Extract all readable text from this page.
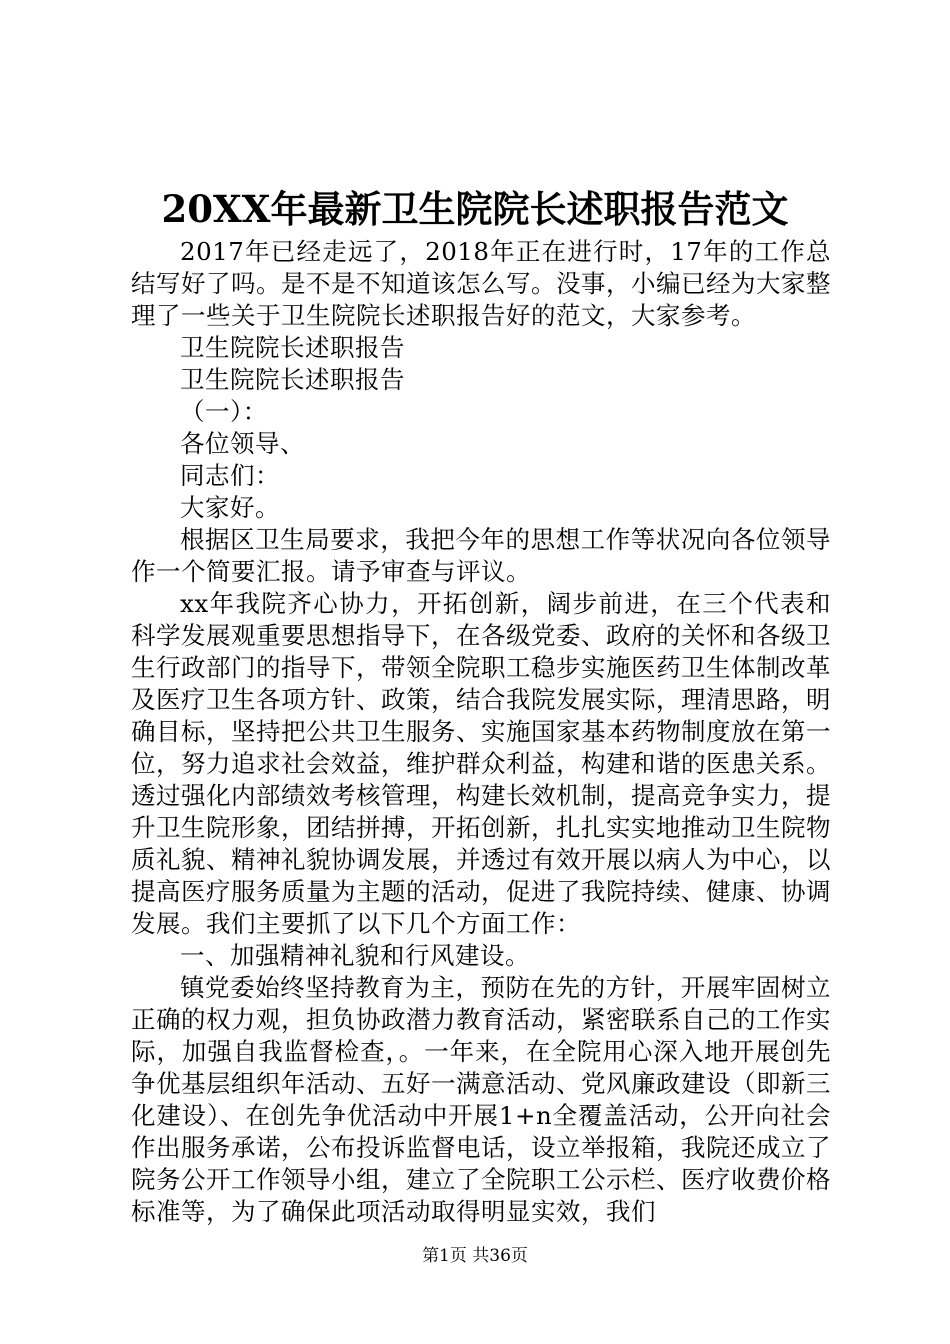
20XX年最新卫生院院长述职报告范文

2017年已经走远了，2018年正在进行时，17年的工作总结写好了吗。是不是不知道该怎么写。没事，小编已经为大家整理了一些关于卫生院院长述职报告好的范文，大家参考。

卫生院院长述职报告

卫生院院长述职报告

（一）：

各位领导、

同志们：

大家好。

根据区卫生局要求，我把今年的思想工作等状况向各位领导作一个简要汇报。请予审查与评议。

xx年我院齐心协力，开拓创新，阔步前进，在三个代表和科学发展观重要思想指导下，在各级党委、政府的关怀和各级卫生行政部门的指导下，带领全院职工稳步实施医药卫生体制改革及医疗卫生各项方针、政策，结合我院发展实际，理清思路，明确目标，坚持把公共卫生服务、实施国家基本药物制度放在第一位，努力追求社会效益，维护群众利益，构建和谐的医患关系。透过强化内部绩效考核管理，构建长效机制，提高竞争实力，提升卫生院形象，团结拼搏，开拓创新，扎扎实实地推动卫生院物质礼貌、精神礼貌协调发展，并透过有效开展以病人为中心，以提高医疗服务质量为主题的活动，促进了我院持续、健康、协调发展。我们主要抓了以下几个方面工作：

一、加强精神礼貌和行风建设。

镇党委始终坚持教育为主，预防在先的方针，开展牢固树立正确的权力观，担负协政潜力教育活动，紧密联系自己的工作实际，加强自我监督检查，。一年来，在全院用心深入地开展创先争优基层组织年活动、五好一满意活动、党风廉政建设（即新三化建设）、在创先争优活动中开展1+n全覆盖活动，公开向社会作出服务承诺，公布投诉监督电话，设立举报箱，我院还成立了院务公开工作领导小组，建立了全院职工公示栏、医疗收费价格标准等，为了确保此项活动取得明显实效，我们

第1页 共36页
